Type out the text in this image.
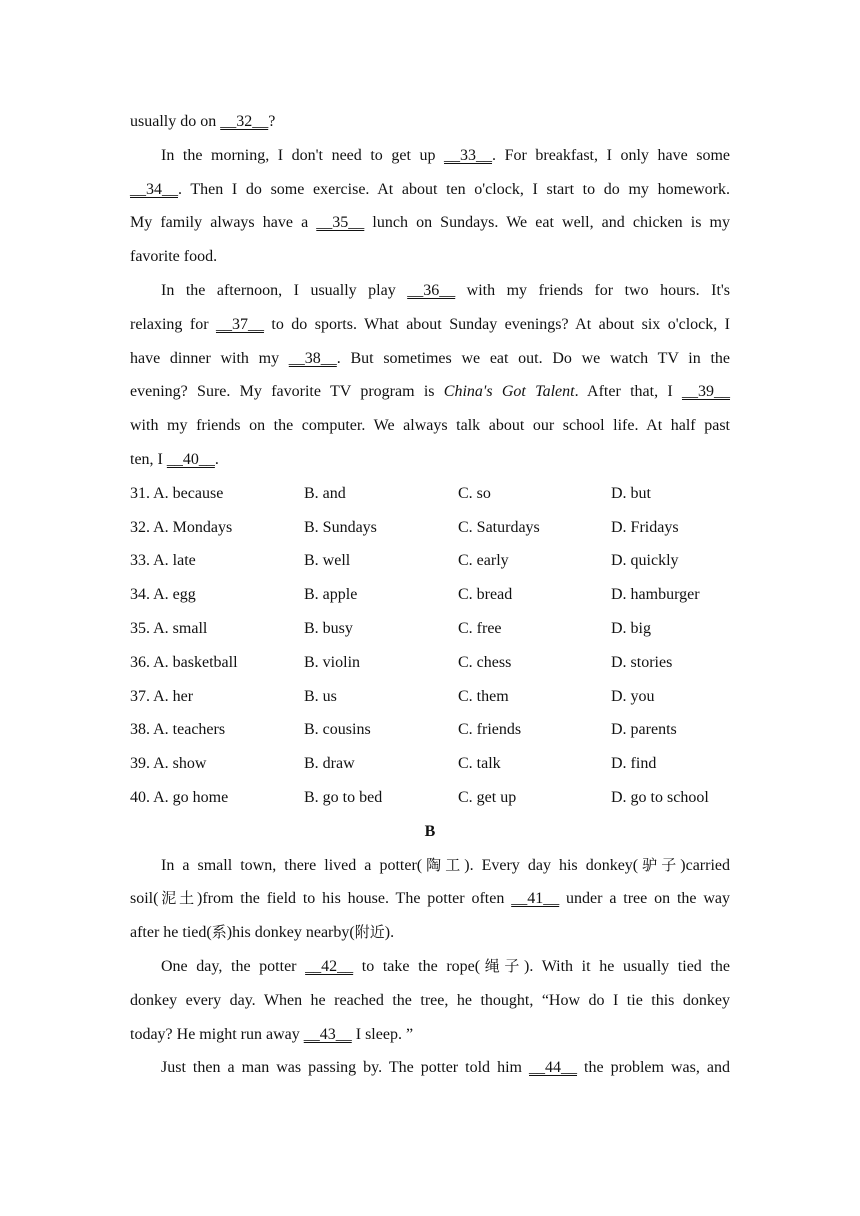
usually do on __32__?
In the morning, I don't need to get up __33__. For breakfast, I only have some
__34__. Then I do some exercise. At about ten o'clock, I start to do my homework.
My family always have a __35__ lunch on Sundays. We eat well, and chicken is my
favorite food.
In the afternoon, I usually play __36__ with my friends for two hours. It's
relaxing for __37__ to do sports. What about Sunday evenings? At about six o'clock, I
have dinner with my __38__. But sometimes we eat out. Do we watch TV in the
evening? Sure. My favorite TV program is China's Got Talent. After that, I __39__
with my friends on the computer. We always talk about our school life. At half past
ten, I __40__.
31. A. because	B. and	C. so	D. but
32. A. Mondays	B. Sundays	C. Saturdays	D. Fridays
33. A. late	B. well	C. early	D. quickly
34. A. egg	B. apple	C. bread	D. hamburger
35. A. small	B. busy	C. free	D. big
36. A. basketball	B. violin	C. chess	D. stories
37. A. her	B. us	C. them	D. you
38. A. teachers	B. cousins	C. friends	D. parents
39. A. show	B. draw	C. talk	D. find
40. A. go home	B. go to bed	C. get up	D. go to school
B
In a small town, there lived a potter(陶工). Every day his donkey(驴子)carried
soil(泥土)from the field to his house. The potter often __41__ under a tree on the way
after he tied(系)his donkey nearby(附近).
One day, the potter __42__ to take the rope(绳子). With it he usually tied the
donkey every day. When he reached the tree, he thought, “How do I tie this donkey
today? He might run away __43__ I sleep. ”
Just then a man was passing by. The potter told him __44__ the problem was, and
